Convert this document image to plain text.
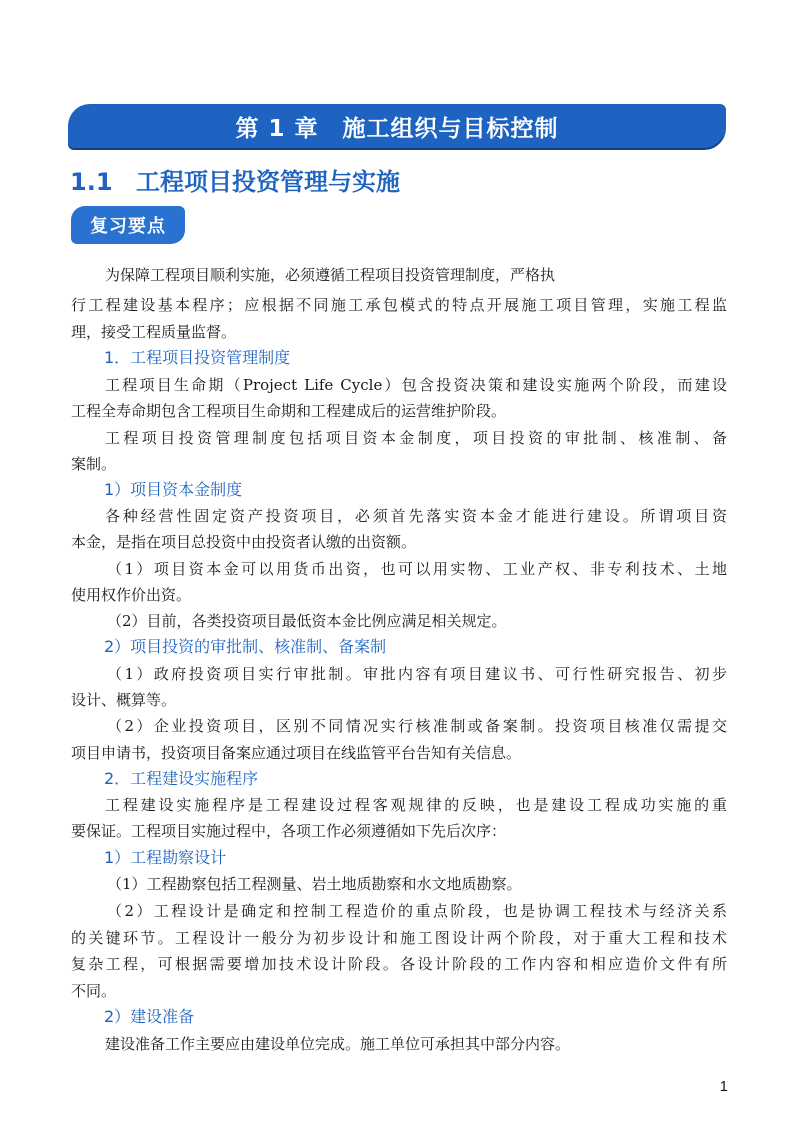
第 1 章 施工组织与目标控制
1.1 工程项目投资管理与实施
复习要点
为保障工程项目顺利实施，必须遵循工程项目投资管理制度，严格执
行工程建设基本程序；应根据不同施工承包模式的特点开展施工项目管理，实施工程监
理，接受工程质量监督。
1．工程项目投资管理制度
工程项目生命期（Project Life Cycle）包含投资决策和建设实施两个阶段，而建设
工程全寿命期包含工程项目生命期和工程建成后的运营维护阶段。
工程项目投资管理制度包括项目资本金制度，项目投资的审批制、核准制、备
案制。
1）项目资本金制度
各种经营性固定资产投资项目，必须首先落实资本金才能进行建设。所谓项目资
本金，是指在项目总投资中由投资者认缴的出资额。
（1）项目资本金可以用货币出资，也可以用实物、工业产权、非专利技术、土地
使用权作价出资。
（2）目前，各类投资项目最低资本金比例应满足相关规定。
2）项目投资的审批制、核准制、备案制
（1）政府投资项目实行审批制。审批内容有项目建议书、可行性研究报告、初步
设计、概算等。
（2）企业投资项目，区别不同情况实行核准制或备案制。投资项目核准仅需提交
项目申请书，投资项目备案应通过项目在线监管平台告知有关信息。
2．工程建设实施程序
工程建设实施程序是工程建设过程客观规律的反映，也是建设工程成功实施的重
要保证。工程项目实施过程中，各项工作必须遵循如下先后次序：
1）工程勘察设计
（1）工程勘察包括工程测量、岩土地质勘察和水文地质勘察。
（2）工程设计是确定和控制工程造价的重点阶段，也是协调工程技术与经济关系
的关键环节。工程设计一般分为初步设计和施工图设计两个阶段，对于重大工程和技术
复杂工程，可根据需要增加技术设计阶段。各设计阶段的工作内容和相应造价文件有所
不同。
2）建设准备
建设准备工作主要应由建设单位完成。施工单位可承担其中部分内容。
1
